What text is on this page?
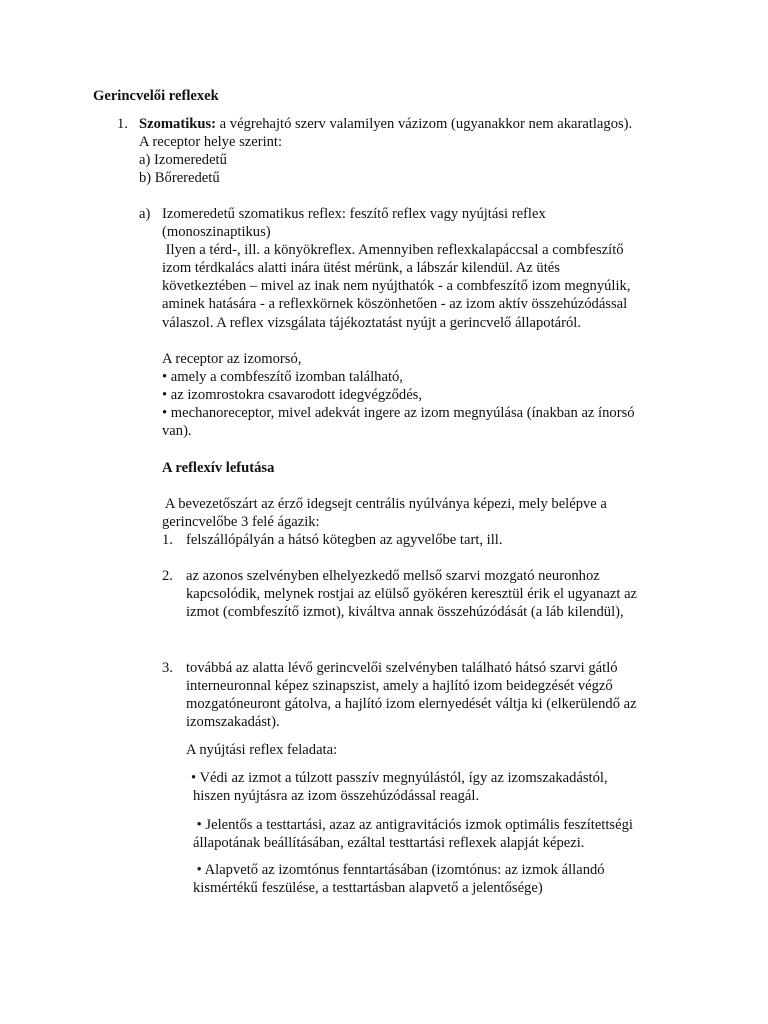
Gerincvelői reflexek
1. Szomatikus: a végrehajtó szerv valamilyen vázizom (ugyanakkor nem akaratlagos).
A receptor helye szerint:
a) Izomeredetű
b) Bőreredetű
a) Izomeredetű szomatikus reflex: feszítő reflex vagy nyújtási reflex
(monoszinaptikus)
Ilyen a térd-, ill. a könyökreflex. Amennyiben reflexkalapáccsal a combfeszítő
izom térdkalács alatti inára ütést mérünk, a lábszár kilendül. Az ütés
következtében – mivel az inak nem nyújthatók - a combfeszítő izom megnyúlik,
aminek hatására - a reflexkörnek köszönhetően - az izom aktív összehúzódással
válaszol. A reflex vizsgálata tájékoztatást nyújt a gerincvelő állapotáról.
A receptor az izomorsó,
• amely a combfeszítő izomban található,
• az izomrostokra csavarodott idegvégződés,
• mechanoreceptor, mivel adekvát ingere az izom megnyúlása (ínakban az ínorsó
van).
A reflexív lefutása
A bevezetőszárt az érző idegsejt centrális nyúlványa képezi, mely belépve a
gerincvelőbe 3 felé ágazik:
1. felszállópályán a hátsó kötegben az agyvelőbe tart, ill.
2. az azonos szelvényben elhelyezkedő mellső szarvi mozgató neuronhoz
kapcsolódik, melynek rostjai az elülső gyökéren keresztül érik el ugyanazt az
izmot (combfeszítő izmot), kiváltva annak összehúzódását (a láb kilendül),
3. továbbá az alatta lévő gerincvelői szelvényben található hátsó szarvi gátló
interneuronnal képez szinapszist, amely a hajlító izom beidegzését végző
mozgatóneuront gátolva, a hajlító izom elernyedését váltja ki (elkerülendő az
izomszakadást).
A nyújtási reflex feladata:
• Védi az izmot a túlzott passzív megnyúlástól, így az izomszakadástól,
hiszen nyújtásra az izom összehúzódással reagál.
• Jelentős a testtartási, azaz az antigravitációs izmok optimális feszítettségi
állapotának beállításában, ezáltal testtartási reflexek alapját képezi.
• Alapvető az izomtónus fenntartásában (izomtónus: az izmok állandó
kismértékű feszülése, a testtartásban alapvető a jelentősége)
